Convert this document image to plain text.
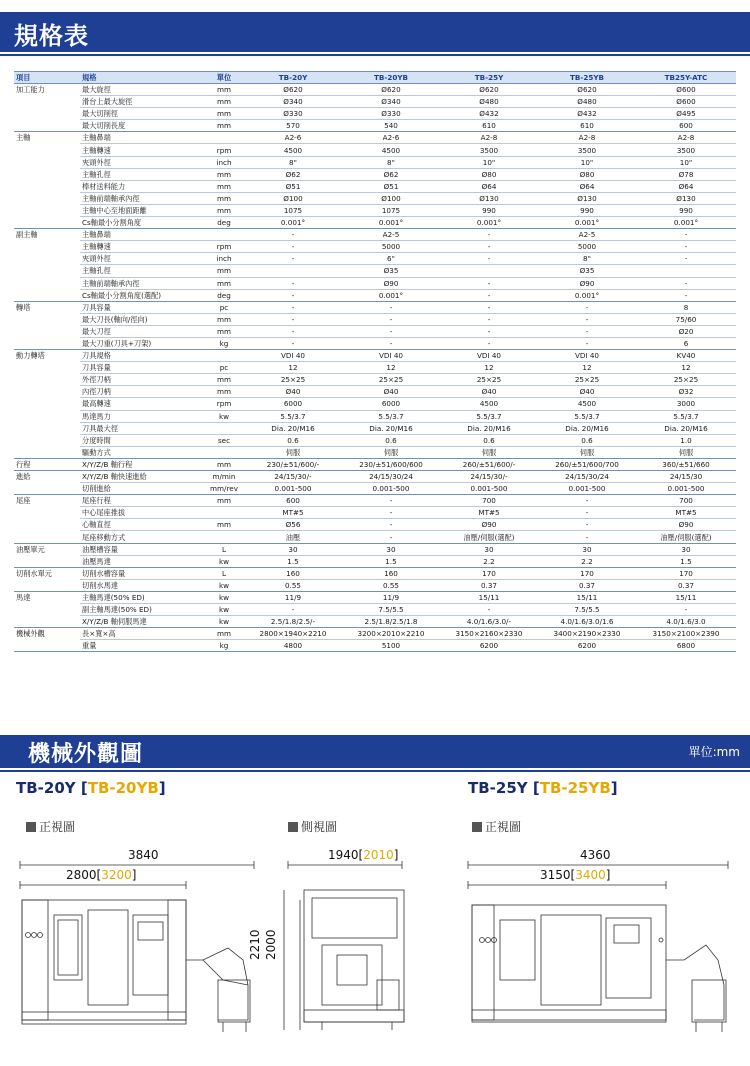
規格表
項目	規格	單位	TB-20Y	TB-20YB	TB-25Y	TB-25YB	TB25Y-ATC
加工能力	最大旋徑	mm	Ø620	Ø620	Ø620	Ø620	Ø600
	滑台上最大旋徑	mm	Ø340	Ø340	Ø480	Ø480	Ø600
	最大切削徑	mm	Ø330	Ø330	Ø432	Ø432	Ø495
	最大切削長度	mm	570	540	610	610	600
主軸	主軸鼻端		A2-6	A2-6	A2-8	A2-8	A2-8
	主軸轉速	rpm	4500	4500	3500	3500	3500
	夾頭外徑	inch	8"	8"	10"	10"	10"
	主軸孔徑	mm	Ø62	Ø62	Ø80	Ø80	Ø78
	棒材送料能力	mm	Ø51	Ø51	Ø64	Ø64	Ø64
	主軸前端軸承內徑	mm	Ø100	Ø100	Ø130	Ø130	Ø130
	主軸中心至地面距離	mm	1075	1075	990	990	990
	Cs軸最小分割角度	deg	0.001°	0.001°	0.001°	0.001°	0.001°
副主軸	主軸鼻端		-	A2-5	-	A2-5	-
	主軸轉速	rpm	-	5000	-	5000	-
	夾頭外徑	inch	-	6"	-	8"	-
	主軸孔徑	mm		Ø35		Ø35	
	主軸前端軸承內徑	mm	-	Ø90	-	Ø90	-
	Cs軸最小分割角度(選配)	deg	-	0.001°	-	0.001°	-
轉塔	刀具容量	pc	-	-	-	-	8
	最大刀長(軸向/徑向)	mm	-	-	-	-	75/60
	最大刀徑	mm	-	-	-	-	Ø20
	最大刀重(刀具+刀架)	kg	-	-	-	-	6
動力轉塔	刀具規格		VDI 40	VDI 40	VDI 40	VDI 40	KV40
	刀具容量	pc	12	12	12	12	12
	外徑刀柄	mm	25×25	25×25	25×25	25×25	25×25
	內徑刀柄	mm	Ø40	Ø40	Ø40	Ø40	Ø32
	最高轉速	rpm	6000	6000	4500	4500	3000
	馬達馬力	kw	5.5/3.7	5.5/3.7	5.5/3.7	5.5/3.7	5.5/3.7
	刀具最大徑		Dia. 20/M16	Dia. 20/M16	Dia. 20/M16	Dia. 20/M16	Dia. 20/M16
	分度時間	sec	0.6	0.6	0.6	0.6	1.0
	驅動方式		伺服	伺服	伺服	伺服	伺服
行程	X/Y/Z/B 軸行程	mm	230/±51/600/-	230/±51/600/600	260/±51/600/-	260/±51/600/700	360/±51/660
進給	X/Y/Z/B 軸快速進給	m/min	24/15/30/-	24/15/30/24	24/15/30/-	24/15/30/24	24/15/30
	切削進給	mm/rev	0.001-500	0.001-500	0.001-500	0.001-500	0.001-500
尾座	尾座行程	mm	600	-	700	-	700
	中心尾座推拔		MT#5	-	MT#5	-	MT#5
	心軸直徑	mm	Ø56	-	Ø90	-	Ø90
	尾座移動方式		油壓	-	油壓/伺服(選配)	-	油壓/伺服(選配)
油壓單元	油壓槽容量	L	30	30	30	30	30
	油壓馬達	kw	1.5	1.5	2.2	2.2	1.5
切削水單元	切削水槽容量	L	160	160	170	170	170
	切削水馬達	kw	0.55	0.55	0.37	0.37	0.37
馬達	主軸馬達(50% ED)	kw	11/9	11/9	15/11	15/11	15/11
	副主軸馬達(50% ED)	kw	-	7.5/5.5	-	7.5/5.5	-
	X/Y/Z/B 軸伺服馬達	kw	2.5/1.8/2.5/-	2.5/1.8/2.5/1.8	4.0/1.6/3.0/-	4.0/1.6/3.0/1.6	4.0/1.6/3.0
機械外觀	長×寬×高	mm	2800×1940×2210	3200×2010×2210	3150×2160×2330	3400×2190×2330	3150×2100×2390
	重量	kg	4800	5100	6200	6200	6800
機械外觀圖	單位:mm
TB-20Y [TB-20YB]	TB-25Y [TB-25YB]
正視圖	側視圖	正視圖
3840
2800[3200]
1940[2010]
2210 2000
4360
3150[3400]
